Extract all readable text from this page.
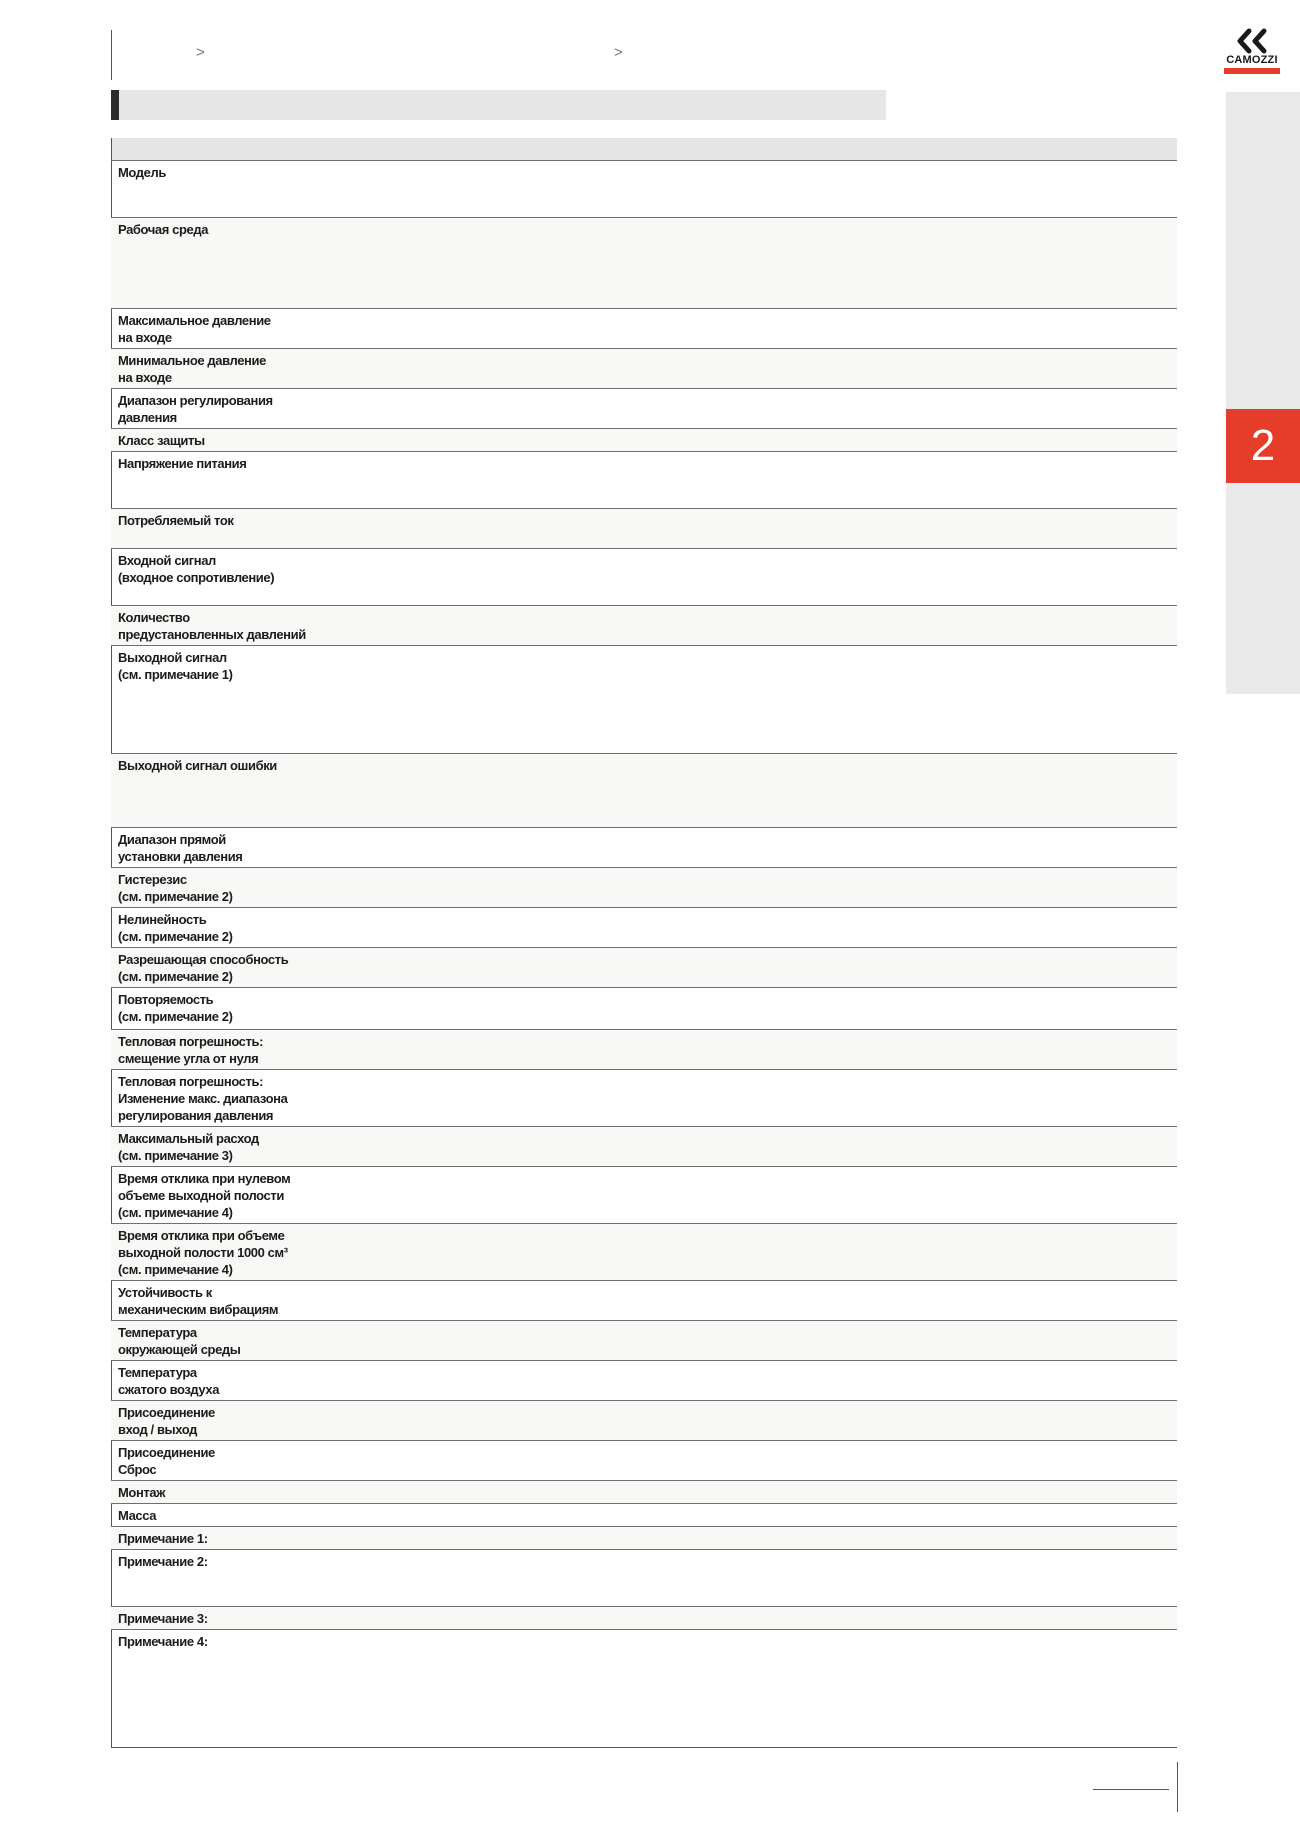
>	>	CAMOZZI
2
Модель
Рабочая среда
Максимальное давление
на входе
Минимальное давление
на входе
Диапазон регулирования
давления
Класс защиты
Напряжение питания
Потребляемый ток
Входной сигнал
(входное сопротивление)
Количество
предустановленных давлений
Выходной сигнал
(см. примечание 1)
Выходной сигнал ошибки
Диапазон прямой
установки давления
Гистерезис
(см. примечание 2)
Нелинейность
(см. примечание 2)
Разрешающая способность
(см. примечание 2)
Повторяемость
(см. примечание 2)
Тепловая погрешность:
смещение угла от нуля
Тепловая погрешность:
Изменение макс. диапазона
регулирования давления
Максимальный расход
(см. примечание 3)
Время отклика при нулевом
объеме выходной полости
(см. примечание 4)
Время отклика при объеме
выходной полости 1000 см³
(см. примечание 4)
Устойчивость к
механическим вибрациям
Температура
окружающей среды
Температура
сжатого воздуха
Присоединение
вход / выход
Присоединение
Сброс
Монтаж
Масса
Примечание 1:
Примечание 2:
Примечание 3:
Примечание 4:
